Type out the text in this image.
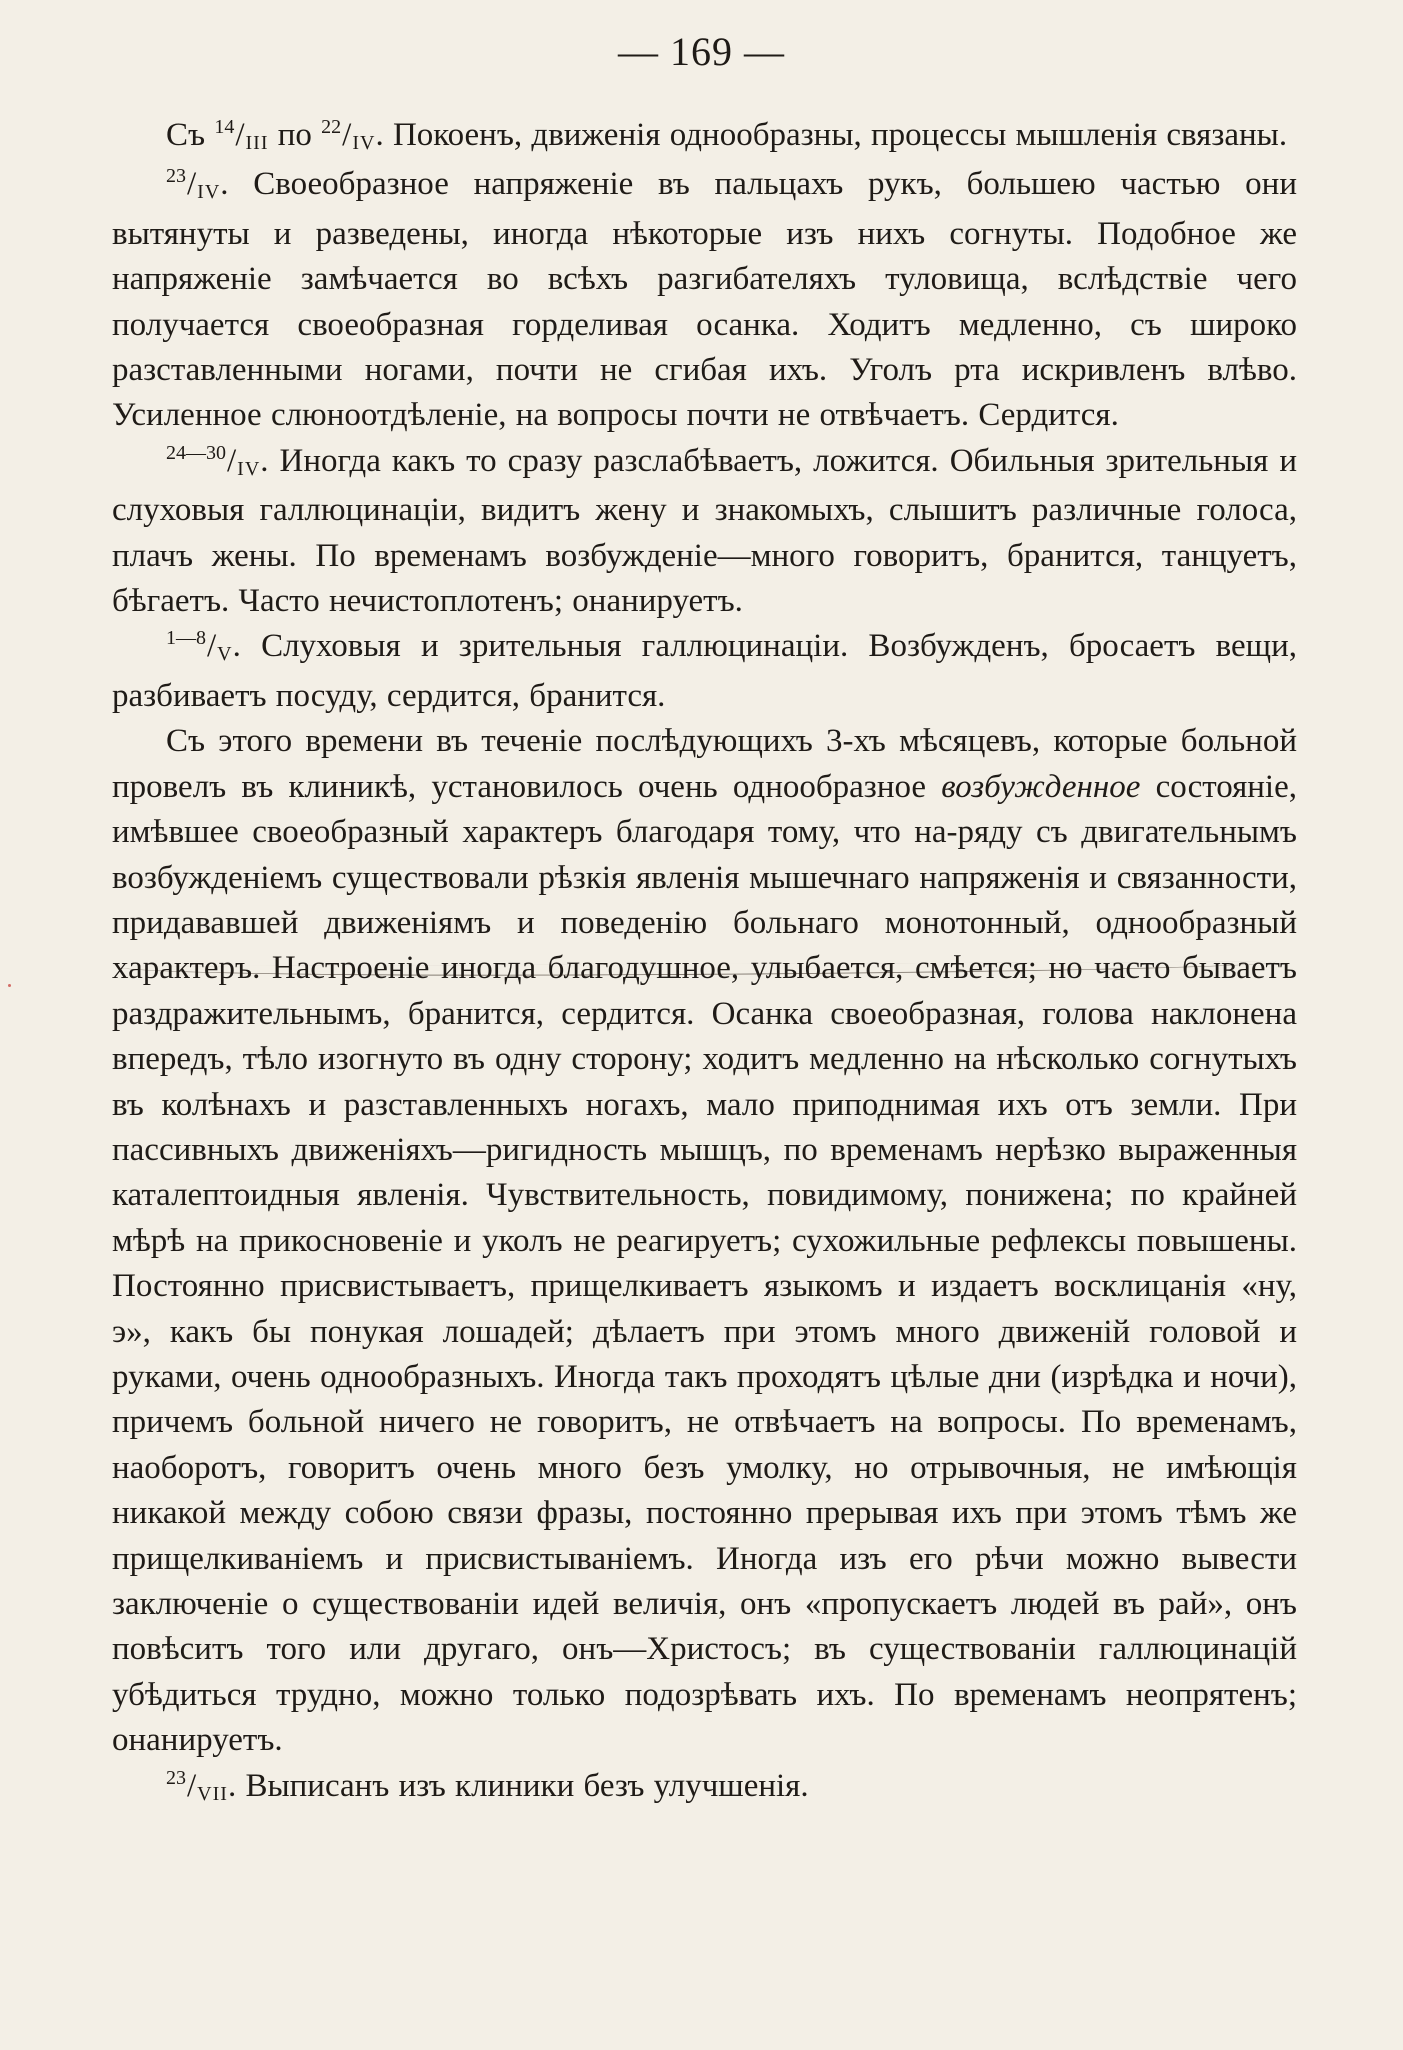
— 169 —

Съ $^{14}$/III по $^{22}$/IV. Покоенъ, движенія однообразны, процессы мышленія связаны.

$^{23}$/IV. Своеобразное напряженіе въ пальцахъ рукъ, большею частью они вытянуты и разведены, иногда нѣкоторые изъ нихъ согнуты. Подобное же напряженіе замѣчается во всѣхъ разгибателяхъ туловища, вслѣдствіе чего получается своеобразная горделивая осанка. Ходитъ медленно, съ широко разставленными ногами, почти не сгибая ихъ. Уголъ рта искривленъ влѣво. Усиленное слюноотдѣленіе, на вопросы почти не отвѣчаетъ. Сердится.

$^{24—30}$/IV. Иногда какъ то сразу разслабѣваетъ, ложится. Обильныя зрительныя и слуховыя галлюцинаціи, видитъ жену и знакомыхъ, слышитъ различные голоса, плачъ жены. По временамъ возбужденіе—много говоритъ, бранится, танцуетъ, бѣгаетъ. Часто нечистоплотенъ; онанируетъ.

$^{1—8}$/V. Слуховыя и зрительныя галлюцинаціи. Возбужденъ, бросаетъ вещи, разбиваетъ посуду, сердится, бранится.

Съ этого времени въ теченіе послѣдующихъ 3-хъ мѣсяцевъ, которые больной провелъ въ клиникѣ, установилось очень однообразное возбужденное состояніе, имѣвшее своеобразный характеръ благодаря тому, что на-ряду съ двигательнымъ возбужденіемъ существовали рѣзкія явленія мышечнаго напряженія и связанности, придававшей движеніямъ и поведенію больнаго монотонный, однообразный характеръ. Настроеніе иногда благодушное, улыбается, смѣется; но часто бываетъ раздражительнымъ, бранится, сердится. Осанка своеобразная, голова наклонена впередъ, тѣло изогнуто въ одну сторону; ходитъ медленно на нѣсколько согнутыхъ въ колѣнахъ и разставленныхъ ногахъ, мало приподнимая ихъ отъ земли. При пассивныхъ движеніяхъ—ригидность мышцъ, по временамъ нерѣзко выраженныя каталептоидныя явленія. Чувствительность, повидимому, понижена; по крайней мѣрѣ на прикосновеніе и уколъ не реагируетъ; сухожильные рефлексы повышены. Постоянно присвистываетъ, прищелкиваетъ языкомъ и издаетъ восклицанія «ну, э», какъ бы понукая лошадей; дѣлаетъ при этомъ много движеній головой и руками, очень однообразныхъ. Иногда такъ проходятъ цѣлые дни (изрѣдка и ночи), причемъ больной ничего не говоритъ, не отвѣчаетъ на вопросы. По временамъ, наоборотъ, говоритъ очень много безъ умолку, но отрывочныя, не имѣющія никакой между собою связи фразы, постоянно прерывая ихъ при этомъ тѣмъ же прищелкиваніемъ и присвистываніемъ. Иногда изъ его рѣчи можно вывести заключеніе о существованіи идей величія, онъ «пропускаетъ людей въ рай», онъ повѣситъ того или другаго, онъ—Христосъ; въ существованіи галлюцинацій убѣдиться трудно, можно только подозрѣвать ихъ. По временамъ неопрятенъ; онанируетъ.

$^{23}$/VII. Выписанъ изъ клиники безъ улучшенія.
